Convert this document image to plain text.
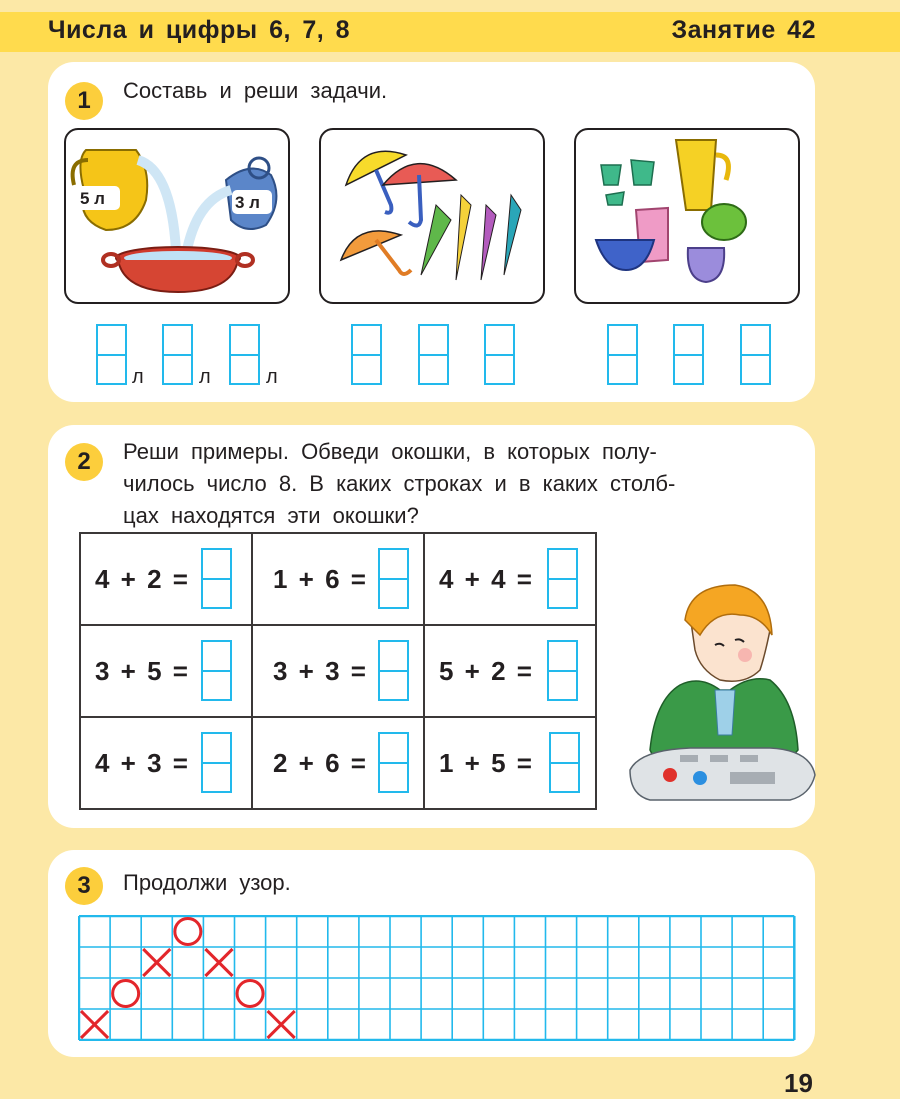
Числа и цифры 6, 7, 8	Занятие 42
1	Составь и реши задачи.
5 л	3 л
л	л	л
2	Реши примеры. Обведи окошки, в которых полу-
чилось число 8. В каких строках и в каких столб-
цах находятся эти окошки?
4 + 2 =	1 + 6 =	4 + 4 =

3 + 5 =	3 + 3 =	5 + 2 =

4 + 3 =	2 + 6 =	1 + 5 =
3	Продолжи узор.
19
